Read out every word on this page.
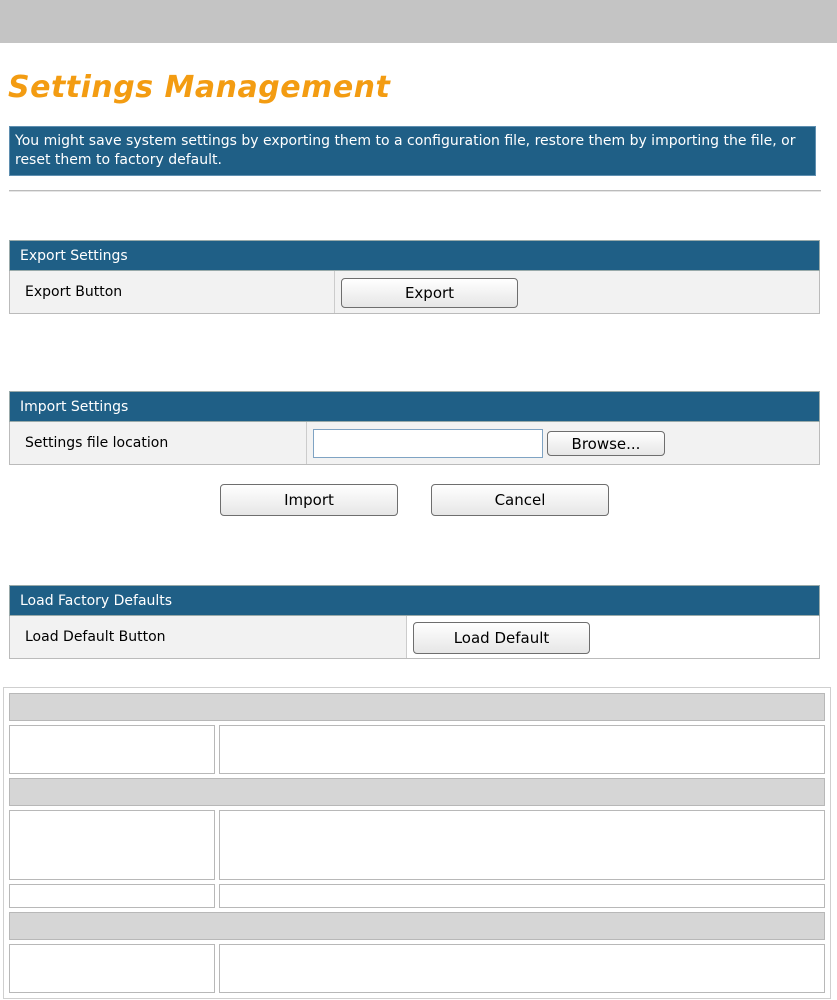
Settings Management
You might save system settings by exporting them to a configuration file, restore them by importing the file, or reset them to factory default.
Export Settings
Export Button	Export
Import Settings
Settings file location	Browse...
Import	Cancel
Load Factory Defaults
Load Default Button	Load Default
